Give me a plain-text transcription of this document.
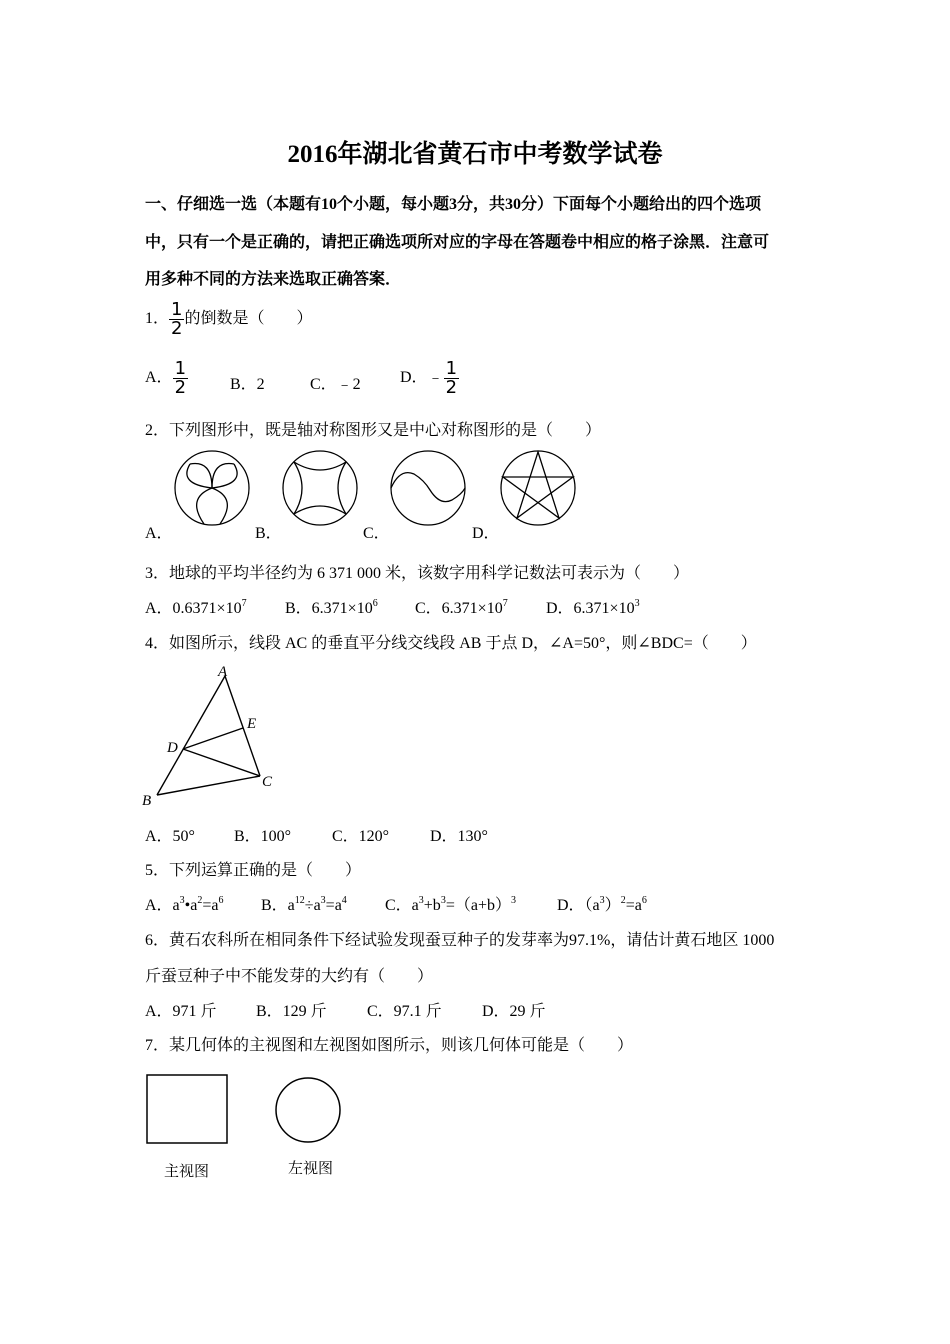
2016年湖北省黄石市中考数学试卷
一、仔细选一选（本题有10个小题，每小题3分，共30分）下面每个小题给出的四个选项
中，只有一个是正确的，请把正确选项所对应的字母在答题卷中相应的格子涂黑．注意可
用多种不同的方法来选取正确答案．
1． $\frac{1}{2}$ 的倒数是（　　）
A． $\frac{1}{2}$	B．2	C．﹣2 D．﹣ $\frac{1}{2}$
2．下列图形中，既是轴对称图形又是中心对称图形的是（　　）
A．	B．	C．	D．
3．地球的平均半径约为 6 371 000 米，该数字用科学记数法可表示为（　　）
A．$0.6371\times 10^7$ B．$6.371\times 10^6$ C．$6.371\times 10^7$ D．$6.371\times 10^3$
4．如图所示，线段 AC 的垂直平分线交线段 AB 于点 D，∠A=50°，则∠BDC=（　　）
A
B
C
D
E
A．50° B．100°	C．120°	D．130°
5．下列运算正确的是（　　）
A．$a^3•a^2=a^6$ B．$a^{12}\div a^3=a^4$ C．$a^3+b^3=(a+b)^3$	D．$(a^3)^2=a^6$
6．黄石农科所在相同条件下经试验发现蚕豆种子的发芽率为97.1%，请估计黄石地区 1000
斤蚕豆种子中不能发芽的大约有（　　）
A．971 斤 B．129 斤	C．97.1 斤	D．29 斤
7．某几何体的主视图和左视图如图所示，则该几何体可能是（　　）
主视图	左视图
